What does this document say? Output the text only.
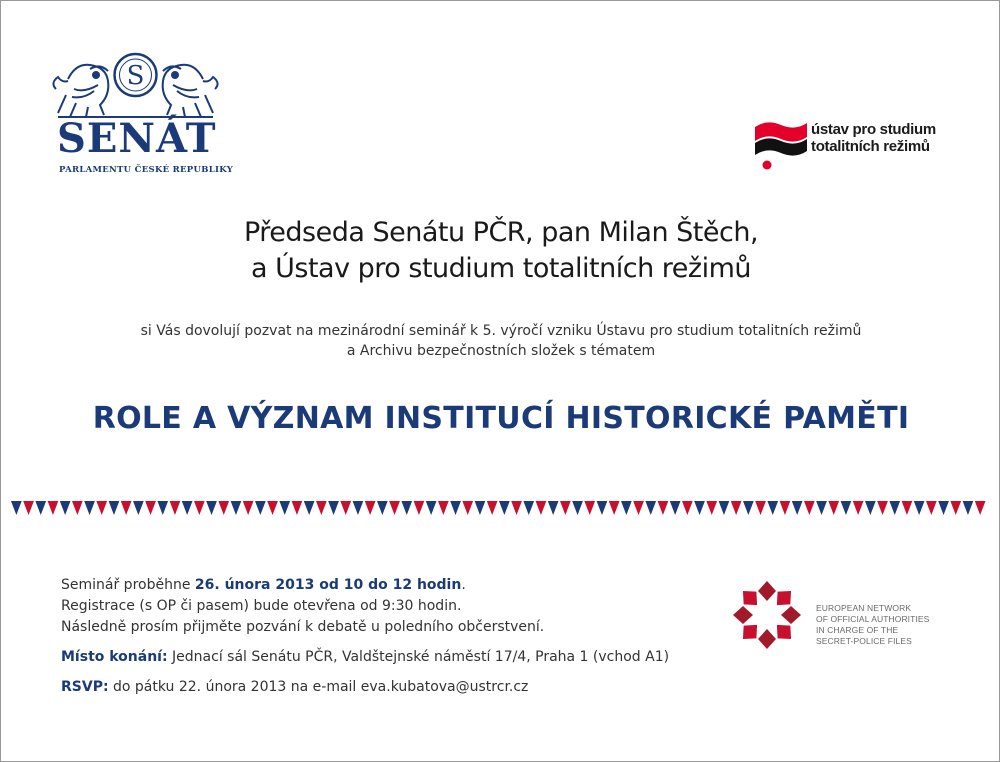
S
SENÁT
PARLAMENTU ČESKÉ REPUBLIKY
ústav pro studium
totalitních režimů
Předseda Senátu PČR, pan Milan Štěch,
a Ústav pro studium totalitních režimů
si Vás dovolují pozvat na mezinárodní seminář k 5. výročí vzniku Ústavu pro studium totalitních režimů
a Archivu bezpečnostních složek s tématem
ROLE A VÝZNAM INSTITUCÍ HISTORICKÉ PAMĚTI
Seminář proběhne 26. února 2013 od 10 do 12 hodin.
Registrace (s OP či pasem) bude otevřena od 9:30 hodin.
Následně prosím přijměte pozvání k debatě u poledního občerstvení.
Místo konání: Jednací sál Senátu PČR, Valdštejnské náměstí 17/4, Praha 1 (vchod A1)
RSVP: do pátku 22. února 2013 na e-mail eva.kubatova@ustrcr.cz
EUROPEAN NETWORK
OF OFFICIAL AUTHORITIES
IN CHARGE OF THE
SECRET-POLICE FILES
